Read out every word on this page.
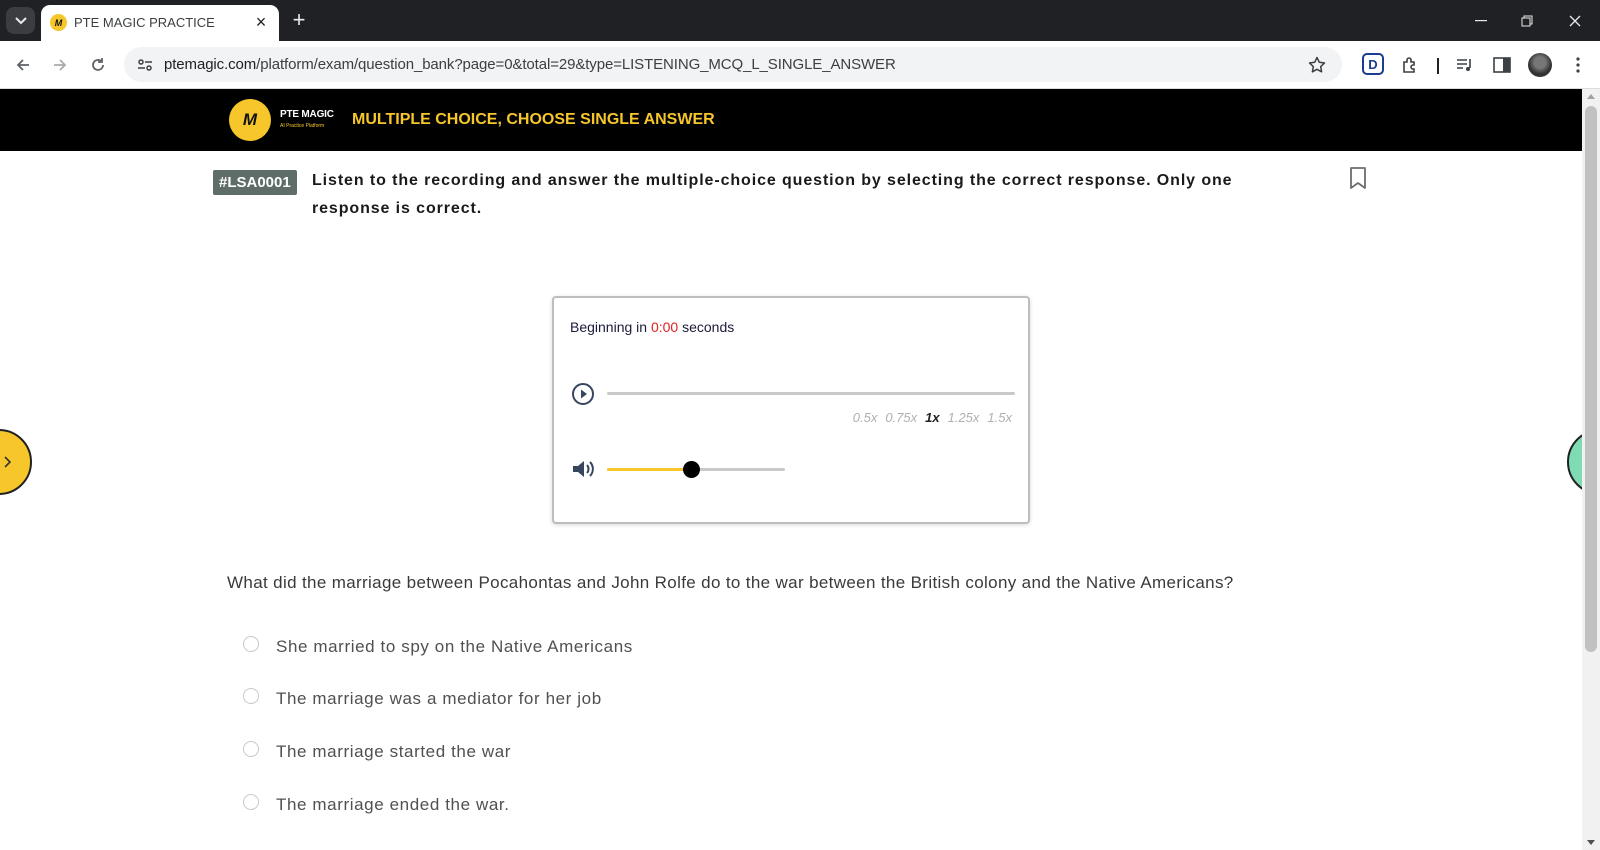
M PTE MAGIC PRACTICE	×	+
ptemagic.com/platform/exam/question_bank?page=0&total=29&type=LISTENING_MCQ_L_SINGLE_ANSWER	D
M	PTE MAGIC
AI Practice Platform MULTIPLE CHOICE, CHOOSE SINGLE ANSWER
#LSA0001	Listen to the recording and answer the multiple-choice question by selecting the correct response. Only one response is correct.
Beginning in 0:00 seconds
0.5x 0.75x 1x 1.25x 1.5x
What did the marriage between Pocahontas and John Rolfe do to the war between the British colony and the Native Americans?
She married to spy on the Native Americans
The marriage was a mediator for her job
The marriage started the war
The marriage ended the war.
